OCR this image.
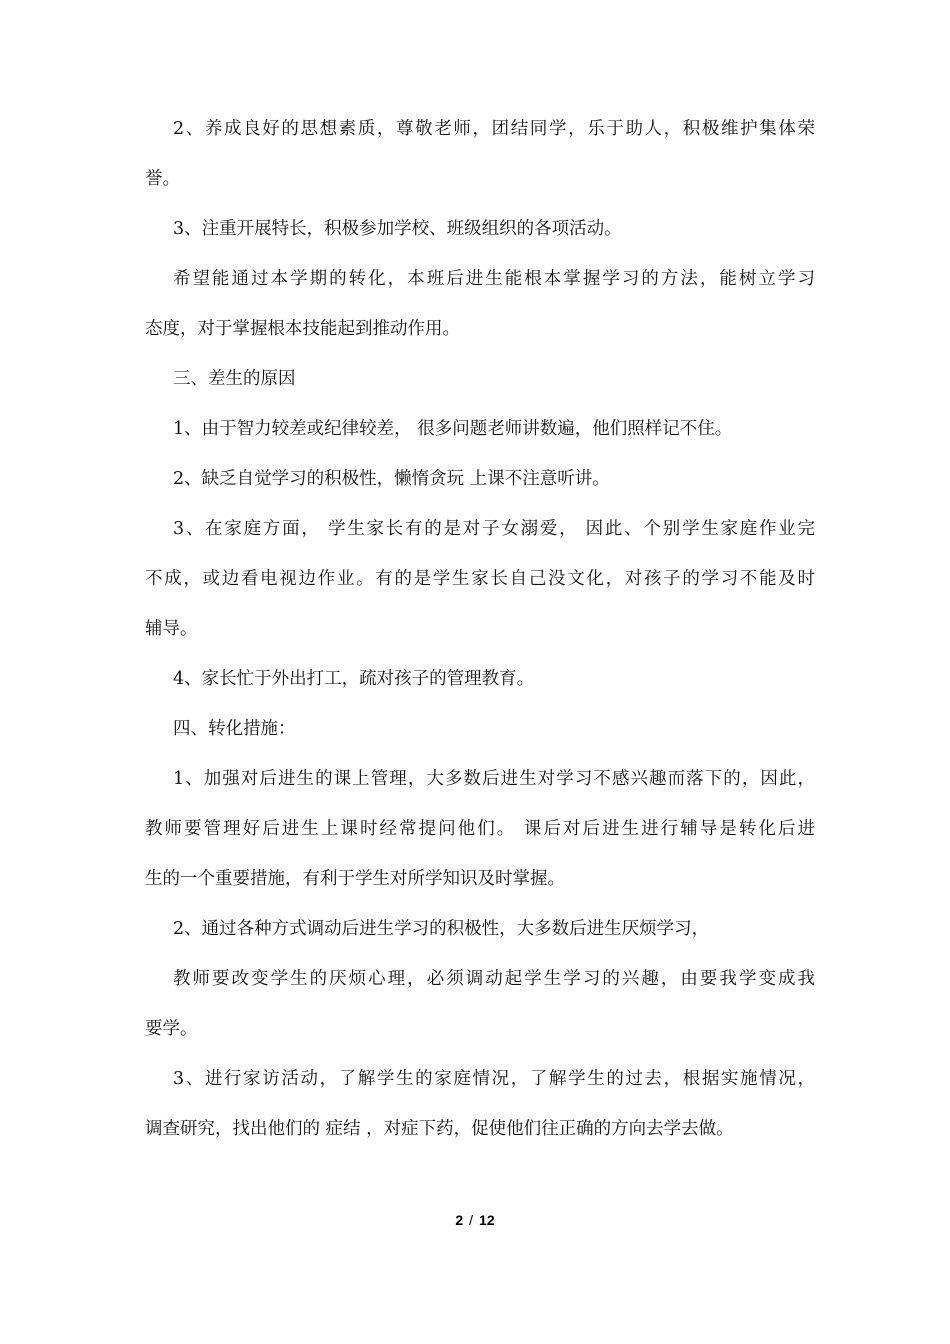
2、养成良好的思想素质，尊敬老师，团结同学，乐于助人，积极维护集体荣
誉。
3、注重开展特长，积极参加学校、班级组织的各项活动。
希望能通过本学期的转化，本班后进生能根本掌握学习的方法，能树立学习
态度，对于掌握根本技能起到推动作用。
三、差生的原因
1、由于智力较差或纪律较差， 很多问题老师讲数遍，他们照样记不住。
2、缺乏自觉学习的积极性，懒惰贪玩 上课不注意听讲。
3、在家庭方面， 学生家长有的是对子女溺爱， 因此、个别学生家庭作业完
不成，或边看电视边作业。有的是学生家长自己没文化，对孩子的学习不能及时
辅导。
4、家长忙于外出打工，疏对孩子的管理教育。
四、转化措施：
1、加强对后进生的课上管理，大多数后进生对学习不感兴趣而落下的，因此，
教师要管理好后进生上课时经常提问他们。 课后对后进生进行辅导是转化后进
生的一个重要措施，有利于学生对所学知识及时掌握。
2、通过各种方式调动后进生学习的积极性，大多数后进生厌烦学习，
教师要改变学生的厌烦心理，必须调动起学生学习的兴趣，由要我学变成我
要学。
3、进行家访活动，了解学生的家庭情况，了解学生的过去，根据实施情况，
调查研究，找出他们的 症结 ，对症下药，促使他们往正确的方向去学去做。
2 / 12
